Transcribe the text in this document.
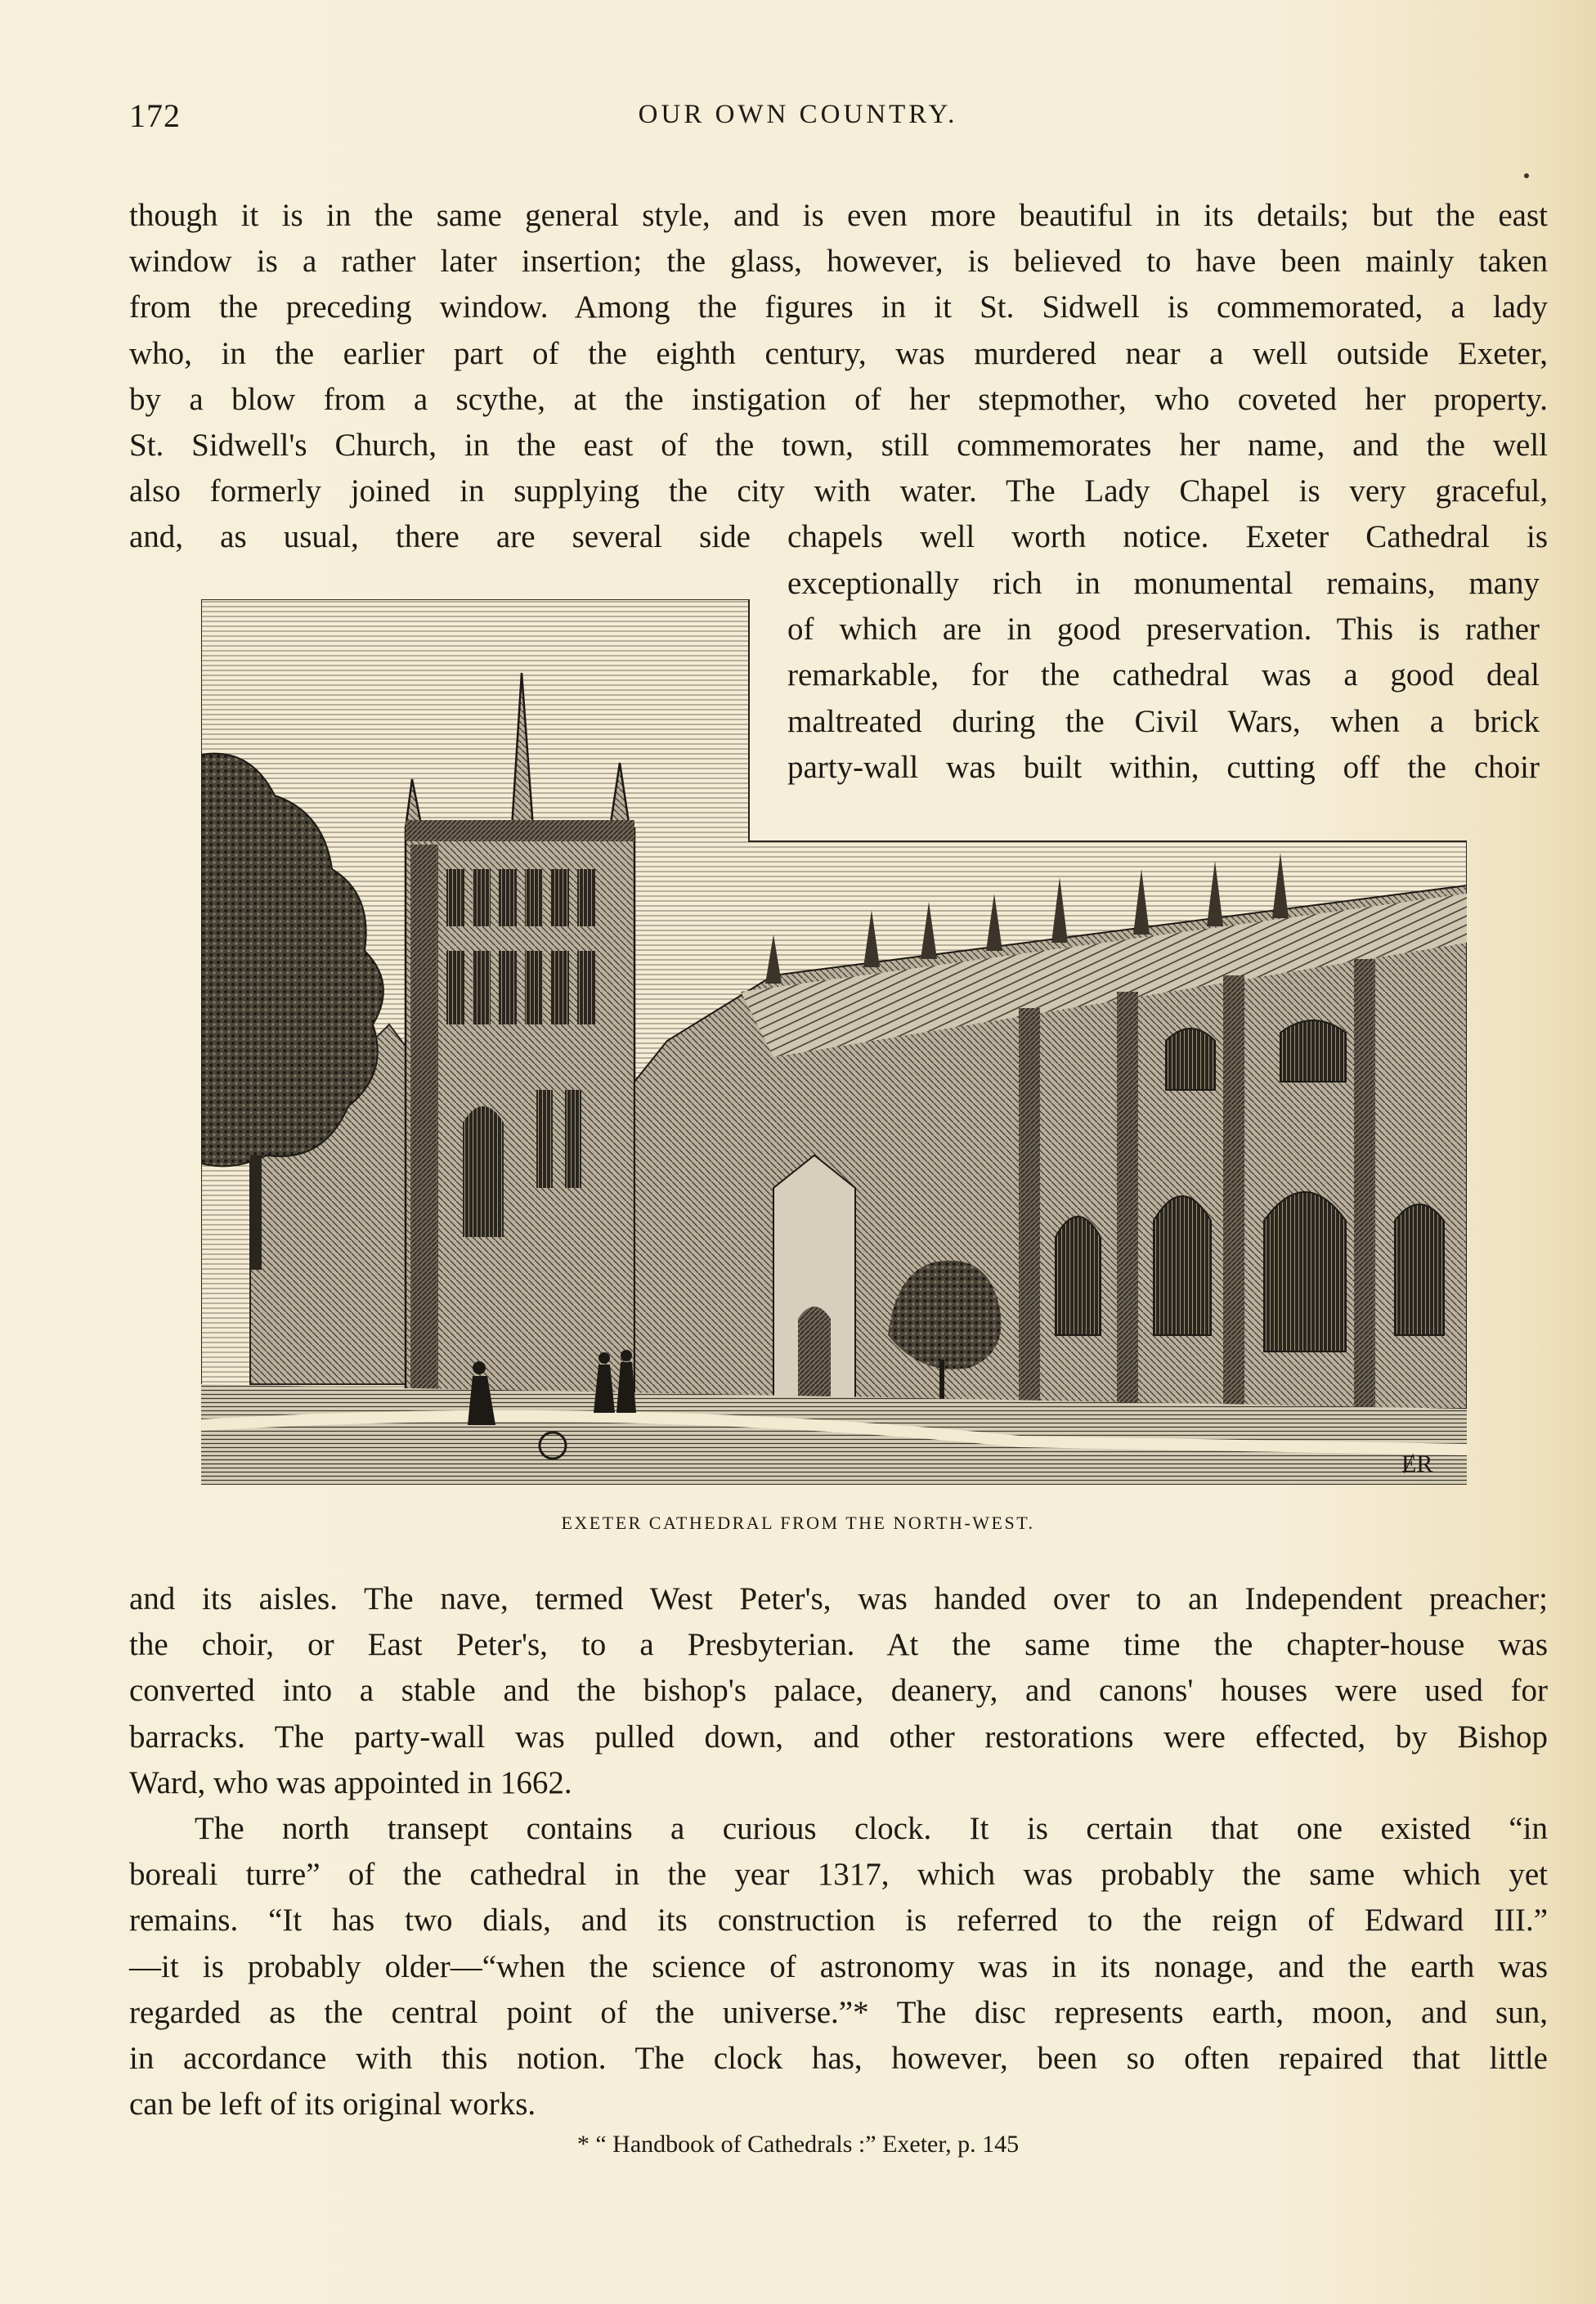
172	OUR OWN COUNTRY.
though it is in the same general style, and is even more beautiful in its details; but the east
window is a rather later insertion; the glass, however, is believed to have been mainly taken
from the preceding window. Among the figures in it St. Sidwell is commemorated, a lady
who, in the earlier part of the eighth century, was murdered near a well outside Exeter,
by a blow from a scythe, at the instigation of her stepmother, who coveted her property.
St. Sidwell's Church, in the east of the town, still commemorates her name, and the well
also formerly joined in supplying the city with water. The Lady Chapel is very graceful,
and, as usual, there are several side chapels well worth notice. Exeter Cathedral is
exceptionally rich in monumental remains, many
of which are in good preservation. This is rather
remarkable, for the cathedral was a good deal
maltreated during the Civil Wars, when a brick
party-wall was built within, cutting off the choir
ɆR
EXETER CATHEDRAL FROM THE NORTH-WEST.
and its aisles. The nave, termed West Peter's, was handed over to an Independent preacher;
the choir, or East Peter's, to a Presbyterian. At the same time the chapter-house was
converted into a stable and the bishop's palace, deanery, and canons' houses were used for
barracks. The party-wall was pulled down, and other restorations were effected, by Bishop
Ward, who was appointed in 1662.
The north transept contains a curious clock. It is certain that one existed “in
boreali turre” of the cathedral in the year 1317, which was probably the same which yet
remains. “It has two dials, and its construction is referred to the reign of Edward III.”
—it is probably older—“when the science of astronomy was in its nonage, and the earth was
regarded as the central point of the universe.”* The disc represents earth, moon, and sun,
in accordance with this notion. The clock has, however, been so often repaired that little
can be left of its original works.
* “ Handbook of Cathedrals :” Exeter, p. 145
